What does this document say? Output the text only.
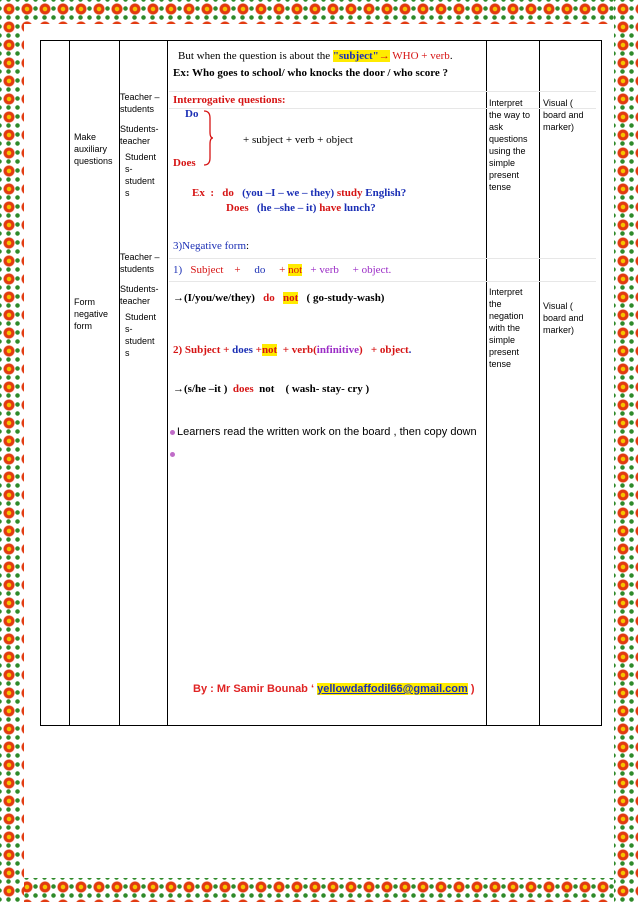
Make auxiliary questions
Teacher –
students
Students-
teacher
Student
s-
student
s
Interpret the way to ask questions using the simple present tense
Visual ( board and marker)
Form negative form
Teacher –
students
Students-
teacher
Student
s-
student
s
Interpret the negation with the simple present tense
Visual ( board and marker)
But when the question is about the "subject"→ WHO + verb.
Ex: Who goes to school/ who knocks the door / who score ?
Interrogative questions:
Do
+ subject + verb + object
Does
Ex : do (you –I – we – they) study English?
Does (he –she – it) have lunch?
3)Negative form:
1) Subject + do + not + verb + object.
→(I/you/we/they) do not ( go-study-wash)
2) Subject + does +not + verb(infinitive) + object.
→(s/he –it ) does not ( wash- stay- cry )
Learners read the written work on the board , then copy down
By : Mr Samir Bounab ‘ yellowdaffodil66@gmail.com )
